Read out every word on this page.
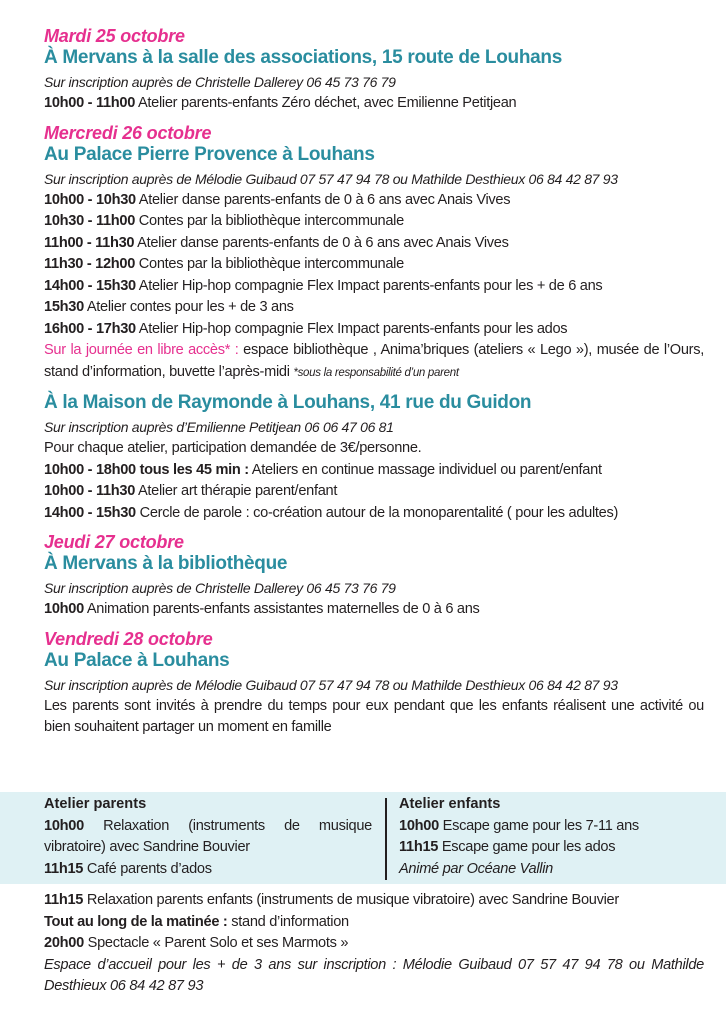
Mardi 25 octobre

À Mervans à la salle des associations, 15 route de Louhans

Sur inscription auprès de Christelle Dallerey 06 45 73 76 79

10h00 - 11h00 Atelier parents-enfants Zéro déchet, avec Emilienne Petitjean

Mercredi 26 octobre

Au Palace Pierre Provence à Louhans

Sur inscription auprès de Mélodie Guibaud 07 57 47 94 78 ou Mathilde Desthieux 06 84 42 87 93

10h00 - 10h30 Atelier danse parents-enfants de 0 à 6 ans avec Anais Vives

10h30 - 11h00 Contes par la bibliothèque intercommunale

11h00 - 11h30 Atelier danse parents-enfants de 0 à 6 ans avec Anais Vives

11h30 - 12h00 Contes par la bibliothèque intercommunale

14h00 - 15h30 Atelier Hip-hop compagnie Flex Impact parents-enfants pour les + de 6 ans

15h30 Atelier contes pour les + de 3 ans

16h00 - 17h30 Atelier Hip-hop compagnie Flex Impact parents-enfants pour les ados

Sur la journée en libre accès* : espace bibliothèque , Anima’briques (ateliers « Lego »), musée de l’Ours, stand d’information, buvette l’après-midi *sous la responsabilité d’un parent

À la Maison de Raymonde à Louhans, 41 rue du Guidon

Sur inscription auprès d’Emilienne Petitjean 06 06 47 06 81

Pour chaque atelier, participation demandée de 3€/personne.

10h00 - 18h00 tous les 45 min : Ateliers en continue massage individuel ou parent/enfant

10h00 - 11h30 Atelier art thérapie parent/enfant

14h00 - 15h30 Cercle de parole : co-création autour de la monoparentalité ( pour les adultes)

Jeudi 27 octobre

À Mervans à la bibliothèque

Sur inscription auprès de Christelle Dallerey 06 45 73 76 79

10h00 Animation parents-enfants assistantes maternelles de 0 à 6 ans

Vendredi 28 octobre

Au Palace à Louhans

Sur inscription auprès de Mélodie Guibaud 07 57 47 94 78 ou Mathilde Desthieux 06 84 42 87 93

Les parents sont invités à prendre du temps pour eux pendant que les enfants réalisent une activité ou bien souhaitent partager un moment en famille

Atelier parents

10h00 Relaxation (instruments de musique vibratoire) avec Sandrine Bouvier

11h15 Café parents d’ados

Atelier enfants

10h00 Escape game pour les 7-11 ans

11h15 Escape game pour les ados

Animé par Océane Vallin

11h15 Relaxation parents enfants (instruments de musique vibratoire) avec Sandrine Bouvier

Tout au long de la matinée : stand d’information

20h00 Spectacle « Parent Solo et ses Marmots »

Espace d’accueil pour les + de 3 ans sur inscription : Mélodie Guibaud 07 57 47 94 78 ou Mathilde Desthieux 06 84 42 87 93
